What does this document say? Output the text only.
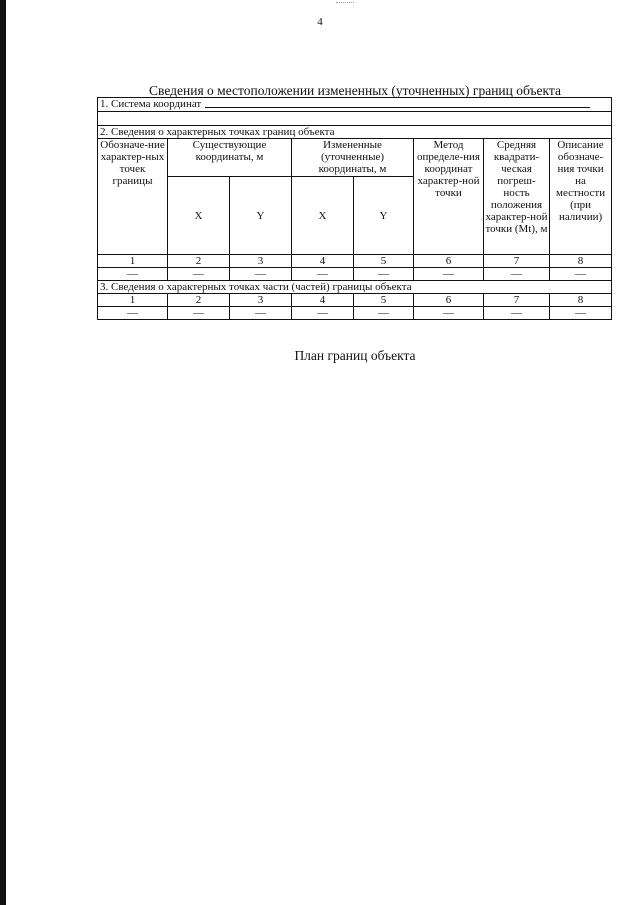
4
Сведения о местоположении измененных (уточненных) границ объекта
1. Система координат							

2. Сведения о характерных точках границ объекта							
Обозначе-ние характер-ных точек границы	Существующие координаты, м		Измененные (уточненные) координаты, м		Метод определе-ния координат характер-ной точки	Средняя квадрати-ческая погреш-ность положения характер-ной точки (Mt), м	Описание обозначе-ния точки на местности (при наличии)
	X	Y	X	Y			
1	2	3	4	5	6	7	8
—	—	—	—	—	—	—	—
3. Сведения о характерных точках части (частей) границы объекта							
1	2	3	4	5	6	7	8
—	—	—	—	—	—	—	—
План границ объекта
